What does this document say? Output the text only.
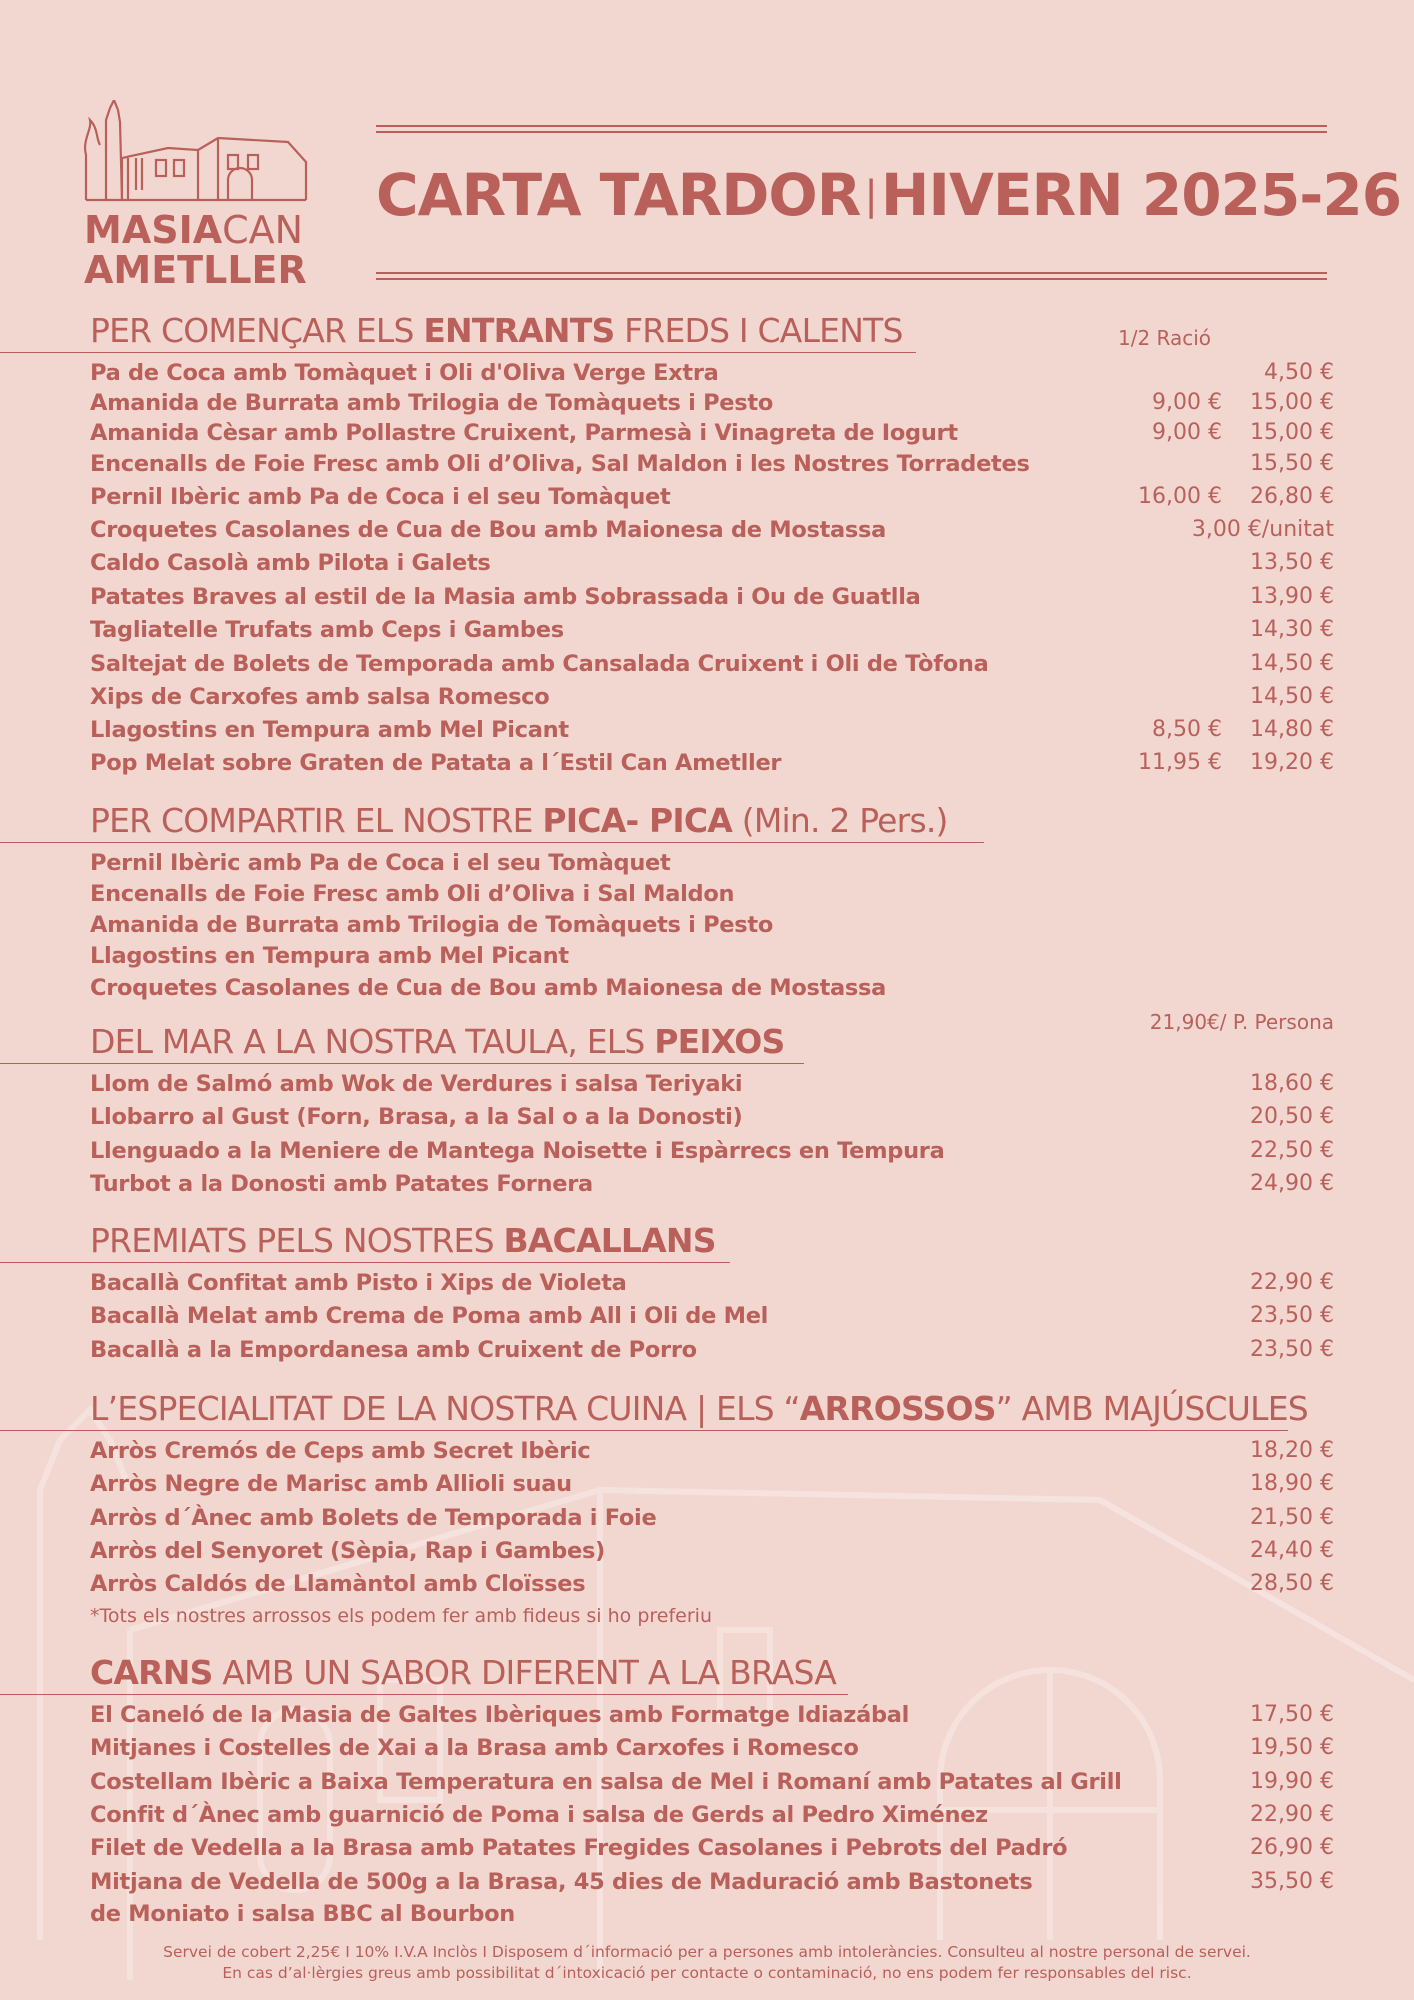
MASIACAN
AMETLLER
CARTA TARDOR |HIVERN 2025-26
PER COMENÇAR ELS ENTRANTS FREDS I CALENTS	1/2 Ració
Pa de Coca amb Tomàquet i Oli d'Oliva Verge Extra	4,50 €
Amanida de Burrata amb Trilogia de Tomàquets i Pesto	9,00 €	15,00 €
Amanida Cèsar amb Pollastre Cruixent, Parmesà i Vinagreta de Iogurt	9,00 €	15,00 €
Encenalls de Foie Fresc amb Oli d’Oliva, Sal Maldon i les Nostres Torradetes	15,50 €
Pernil Ibèric amb Pa de Coca i el seu Tomàquet	16,00 €	26,80 €
Croquetes Casolanes de Cua de Bou amb Maionesa de Mostassa	3,00 €/unitat
Caldo Casolà amb Pilota i Galets	13,50 €
Patates Braves al estil de la Masia amb Sobrassada i Ou de Guatlla	13,90 €
Tagliatelle Trufats amb Ceps i Gambes	14,30 €
Saltejat de Bolets de Temporada amb Cansalada Cruixent i Oli de Tòfona	14,50 €
Xips de Carxofes amb salsa Romesco	14,50 €
Llagostins en Tempura amb Mel Picant	8,50 €	14,80 €
Pop Melat sobre Graten de Patata a l´Estil Can Ametller	11,95 €	19,20 €
PER COMPARTIR EL NOSTRE PICA- PICA (Min. 2 Pers.)
Pernil Ibèric amb Pa de Coca i el seu Tomàquet
Encenalls de Foie Fresc amb Oli d’Oliva i Sal Maldon
Amanida de Burrata amb Trilogia de Tomàquets i Pesto
Llagostins en Tempura amb Mel Picant
Croquetes Casolanes de Cua de Bou amb Maionesa de Mostassa
21,90€/ P. Persona
DEL MAR A LA NOSTRA TAULA, ELS PEIXOS
Llom de Salmó amb Wok de Verdures i salsa Teriyaki	18,60 €
Llobarro al Gust (Forn, Brasa, a la Sal o a la Donosti)	20,50 €
Llenguado a la Meniere de Mantega Noisette i Espàrrecs en Tempura	22,50 €
Turbot a la Donosti amb Patates Fornera	24,90 €
PREMIATS PELS NOSTRES BACALLANS
Bacallà Confitat amb Pisto i Xips de Violeta	22,90 €
Bacallà Melat amb Crema de Poma amb All i Oli de Mel	23,50 €
Bacallà a la Empordanesa amb Cruixent de Porro	23,50 €
L’ESPECIALITAT DE LA NOSTRA CUINA | ELS “ARROSSOS” AMB MAJÚSCULES
Arròs Cremós de Ceps amb Secret Ibèric	18,20 €
Arròs Negre de Marisc amb Allioli suau	18,90 €
Arròs d´Ànec amb Bolets de Temporada i Foie	21,50 €
Arròs del Senyoret (Sèpia, Rap i Gambes)	24,40 €
Arròs Caldós de Llamàntol amb Cloïsses	28,50 €
*Tots els nostres arrossos els podem fer amb fideus si ho preferiu
CARNS AMB UN SABOR DIFERENT A LA BRASA
El Caneló de la Masia de Galtes Ibèriques amb Formatge Idiazábal	17,50 €
Mitjanes i Costelles de Xai a la Brasa amb Carxofes i Romesco	19,50 €
Costellam Ibèric a Baixa Temperatura en salsa de Mel i Romaní amb Patates al Grill	19,90 €
Confit d´Ànec amb guarnició de Poma i salsa de Gerds al Pedro Ximénez	22,90 €
Filet de Vedella a la Brasa amb Patates Fregides Casolanes i Pebrots del Padró	26,90 €
Mitjana de Vedella de 500g a la Brasa, 45 dies de Maduració amb Bastonets	35,50 €
de Moniato i salsa BBC al Bourbon
Servei de cobert 2,25€ I 10% I.V.A Inclòs I Disposem d´informació per a persones amb intoleràncies. Consulteu al nostre personal de servei.
En cas d’al·lèrgies greus amb possibilitat d´intoxicació per contacte o contaminació, no ens podem fer responsables del risc.
